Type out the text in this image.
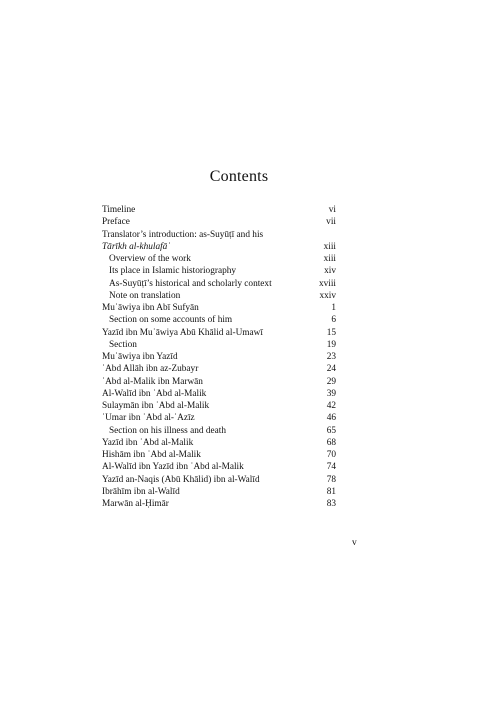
Contents
Timeline	vi
Preface	vii
Translator’s introduction: as-Suyūṭī and his
Tārīkh al-khulafāʾ	xiii
Overview of the work	xiii
Its place in Islamic historiography	xiv
As-Suyūṭī’s historical and scholarly context	xviii
Note on translation	xxiv
Muʿāwiya ibn Abī Sufyān	1
Section on some accounts of him	6
Yazīd ibn Muʿāwiya Abū Khālid al-Umawī	15
Section	19
Muʿāwiya ibn Yazīd	23
ʿAbd Allāh ibn az-Zubayr	24
ʿAbd al-Malik ibn Marwān	29
Al-Walīd ibn ʿAbd al-Malik	39
Sulaymān ibn ʿAbd al-Malik	42
ʿUmar ibn ʿAbd al-ʿAzīz	46
Section on his illness and death	65
Yazīd ibn ʿAbd al-Malik	68
Hishām ibn ʿAbd al-Malik	70
Al-Walīd ibn Yazīd ibn ʿAbd al-Malik	74
Yazīd an-Naqis (Abū Khālid) ibn al-Walīd	78
Ibrāhīm ibn al-Walīd	81
Marwān al-Ḥimār	83
v
